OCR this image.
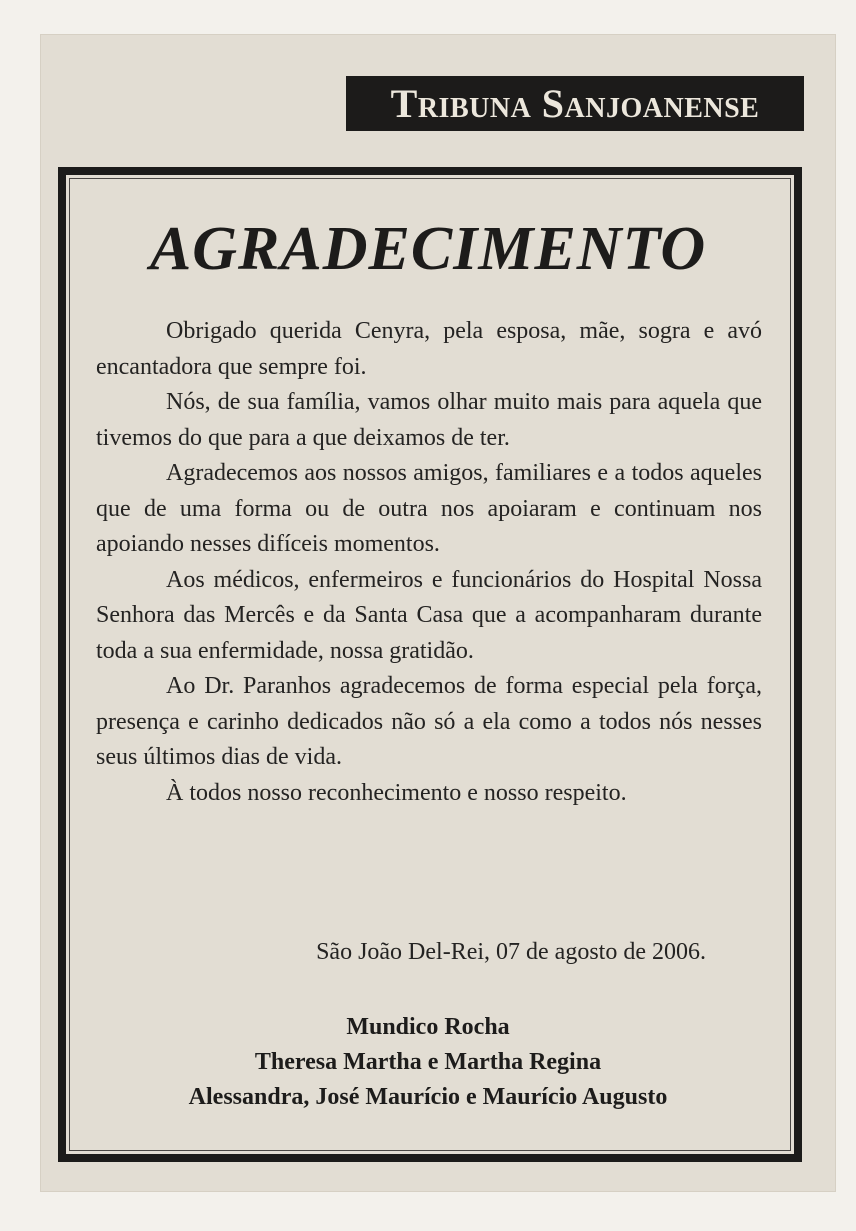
Tribuna Sanjoanense
AGRADECIMENTO

Obrigado querida Cenyra, pela esposa, mãe, sogra e avó encantadora que sempre foi.

Nós, de sua família, vamos olhar muito mais para aquela que tivemos do que para a que deixamos de ter.

Agradecemos aos nossos amigos, familiares e a todos aqueles que de uma forma ou de outra nos apoiaram e continuam nos apoiando nesses difíceis momentos.

Aos médicos, enfermeiros e funcionários do Hospital Nossa Senhora das Mercês e da Santa Casa que a acompanharam durante toda a sua enfermidade, nossa gratidão.

Ao Dr. Paranhos agradecemos de forma especial pela força, presença e carinho dedicados não só a ela como a todos nós nesses seus últimos dias de vida.

À todos nosso reconhecimento e nosso respeito.

São João Del-Rei, 07 de agosto de 2006.
Mundico Rocha
Theresa Martha e Martha Regina
Alessandra, José Maurício e Maurício Augusto
